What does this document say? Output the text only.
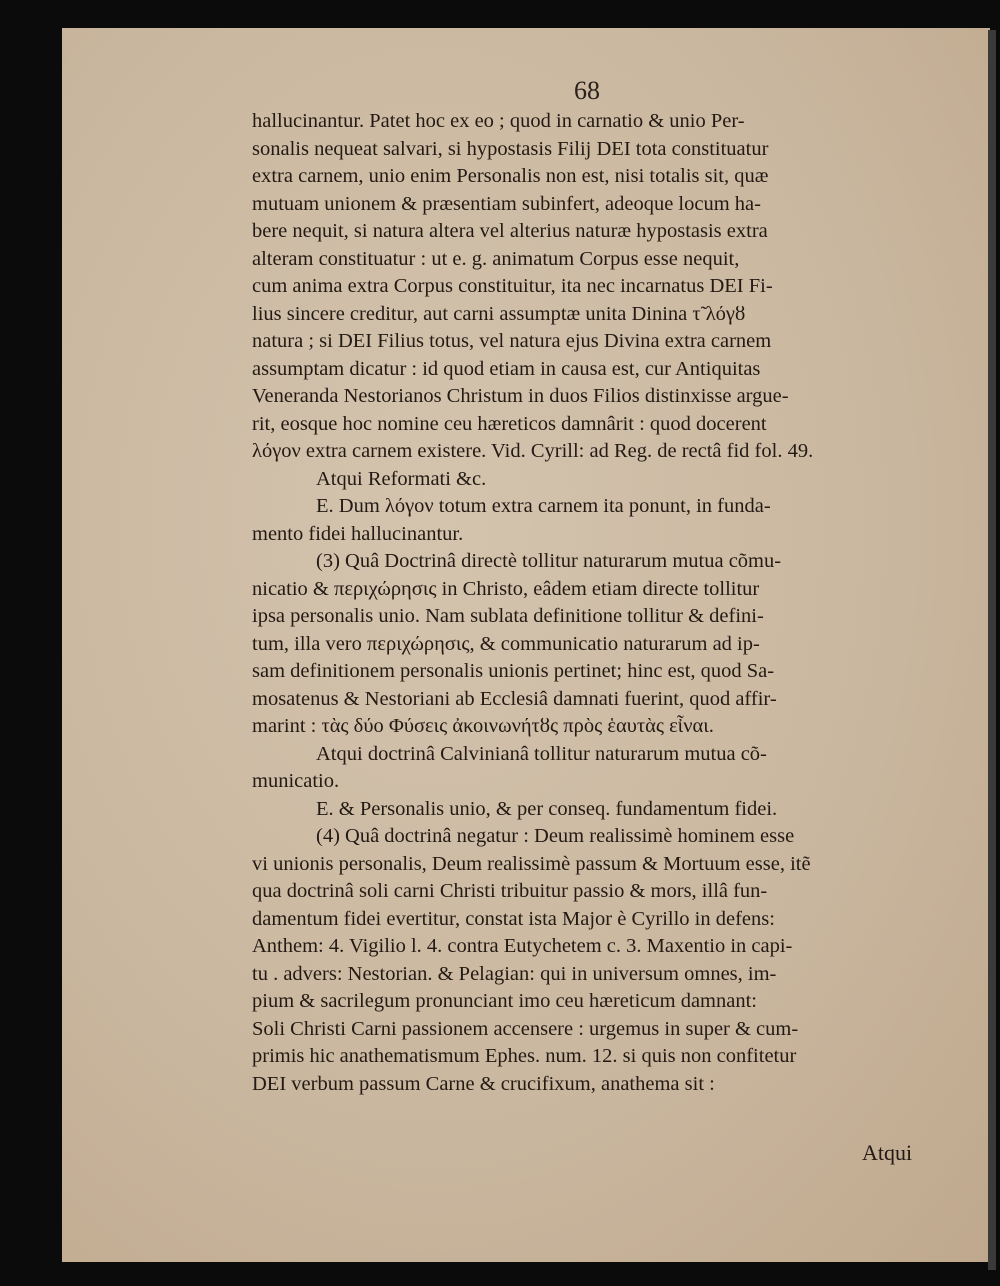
68
hallucinantur. Patet hoc ex eo ; quod in carnatio & unio Per-
sonalis nequeat salvari, si hypostasis Filij DEI tota constituatur
extra carnem, unio enim Personalis non est, nisi totalis sit, quæ
mutuam unionem & præsentiam subinfert, adeoque locum ha-
bere nequit, si natura altera vel alterius naturæ hypostasis extra
alteram constituatur : ut e. g. animatum Corpus esse nequit,
cum anima extra Corpus constituitur, ita nec incarnatus DEI Fi-
lius sincere creditur, aut carni assumptæ unita Dinina τ̃ λόγȣ
natura ; si DEI Filius totus, vel natura ejus Divina extra carnem
assumptam dicatur : id quod etiam in causa est, cur Antiquitas
Veneranda Nestorianos Christum in duos Filios distinxisse argue-
rit, eosque hoc nomine ceu hæreticos damnârit : quod docerent
λόγον extra carnem existere. Vid. Cyrill: ad Reg. de rectâ fid fol. 49.
Atqui Reformati &c.
E. Dum λόγον totum extra carnem ita ponunt, in funda-
mento fidei hallucinantur.
(3) Quâ Doctrinâ directè tollitur naturarum mutua cõmu-
nicatio & περιχώρησις in Christo, eâdem etiam directe tollitur
ipsa personalis unio. Nam sublata definitione tollitur & defini-
tum, illa vero περιχώρησις, & communicatio naturarum ad ip-
sam definitionem personalis unionis pertinet; hinc est, quod Sa-
mosatenus & Nestoriani ab Ecclesiâ damnati fuerint, quod affir-
marint : τὰς δύο Φύσεις ἀκοινωνήτȣς πρὸς ἑαυτὰς εἶναι.
Atqui doctrinâ Calvinianâ tollitur naturarum mutua cõ-
municatio.
E. & Personalis unio, & per conseq. fundamentum fidei.
(4) Quâ doctrinâ negatur : Deum realissimè hominem esse
vi unionis personalis, Deum realissimè passum & Mortuum esse, itẽ
qua doctrinâ soli carni Christi tribuitur passio & mors, illâ fun-
damentum fidei evertitur, constat ista Major è Cyrillo in defens:
Anthem: 4. Vigilio l. 4. contra Eutychetem c. 3. Maxentio in capi-
tu . advers: Nestorian. & Pelagian: qui in universum omnes, im-
pium & sacrilegum pronunciant imo ceu hæreticum damnant:
Soli Christi Carni passionem accensere : urgemus in super & cum-
primis hic anathematismum Ephes. num. 12. si quis non confitetur
DEI verbum passum Carne & crucifixum, anathema sit :
Atqui
